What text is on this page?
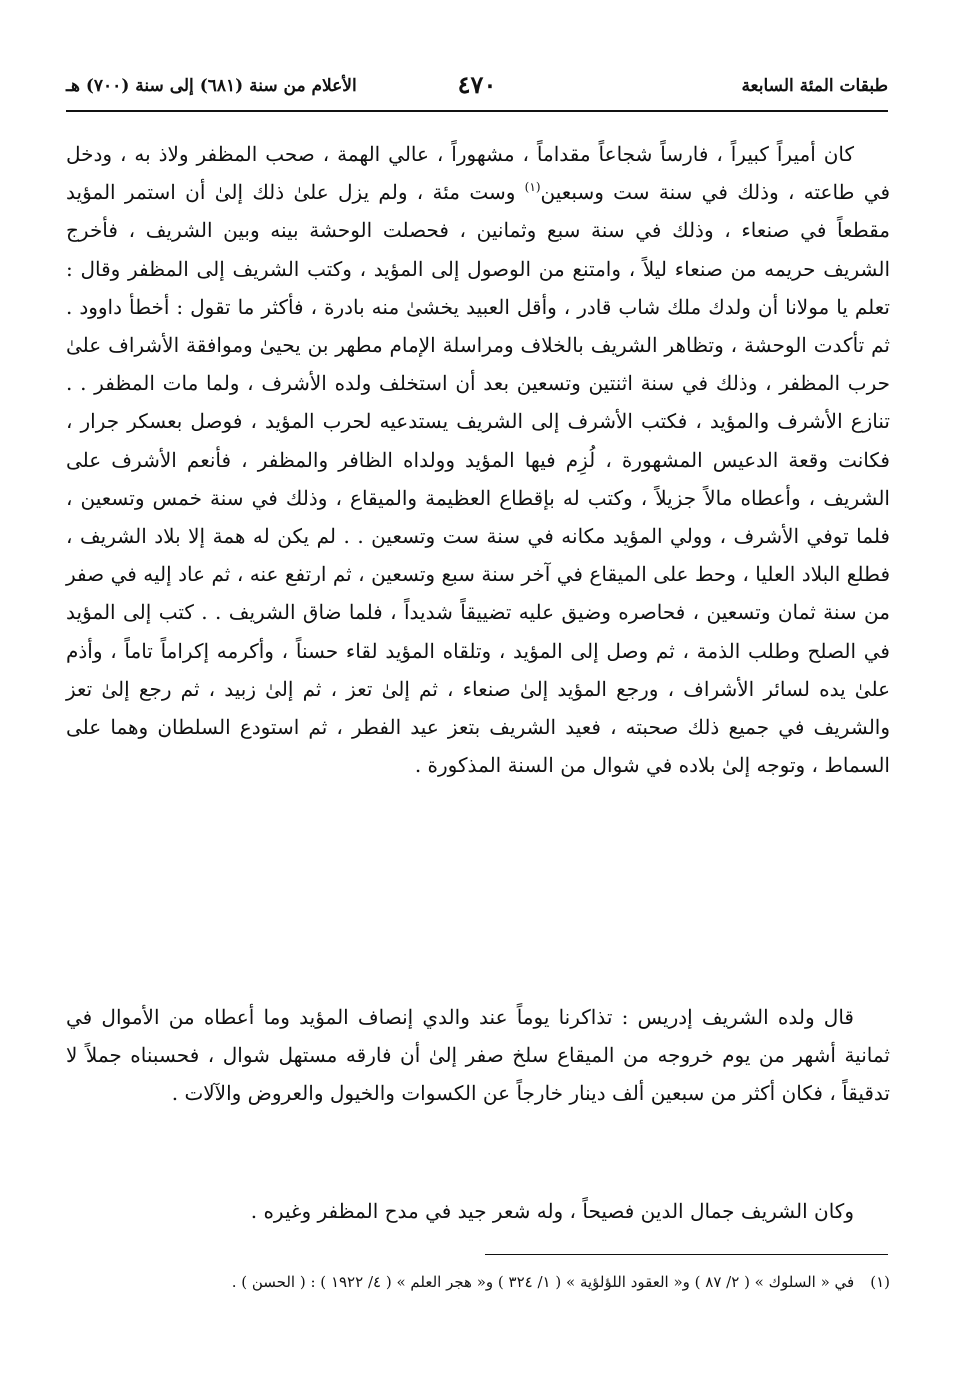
طبقات المئة السابعة
٤٧٠
الأعلام من سنة (٦٨١) إلى سنة (٧٠٠) هـ
كان أميراً كبيراً ، فارساً شجاعاً مقداماً ، مشهوراً ، عالي الهمة ، صحب المظفر ولاذ به ، ودخل في طاعته ، وذلك في سنة ست وسبعين$^{(١)}$ وست مئة ، ولم يزل علىٰ ذلك إلىٰ أن استمر المؤيد مقطعاً في صنعاء ، وذلك في سنة سبع وثمانين ، فحصلت الوحشة بينه وبين الشريف ، فأخرج الشريف حريمه من صنعاء ليلاً ، وامتنع من الوصول إلى المؤيد ، وكتب الشريف إلى المظفر وقال : تعلم يا مولانا أن ولدك ملك شاب قادر ، وأقل العبيد يخشىٰ منه بادرة ، فأكثر ما تقول : أخطأ داوود . ثم تأكدت الوحشة ، وتظاهر الشريف بالخلاف ومراسلة الإمام مطهر بن يحيىٰ وموافقة الأشراف علىٰ حرب المظفر ، وذلك في سنة اثنتين وتسعين بعد أن استخلف ولده الأشرف ، ولما مات المظفر . . تنازع الأشرف والمؤيد ، فكتب الأشرف إلى الشريف يستدعيه لحرب المؤيد ، فوصل بعسكر جرار ، فكانت وقعة الدعيس المشهورة ، لُزِم فيها المؤيد وولداه الظافر والمظفر ، فأنعم الأشرف على الشريف ، وأعطاه مالاً جزيلاً ، وكتب له بإقطاع العظيمة والميقاع ، وذلك في سنة خمس وتسعين ، فلما توفي الأشرف ، وولي المؤيد مكانه في سنة ست وتسعين . . لم يكن له همة إلا بلاد الشريف ، فطلع البلاد العليا ، وحط على الميقاع في آخر سنة سبع وتسعين ، ثم ارتفع عنه ، ثم عاد إليه في صفر من سنة ثمان وتسعين ، فحاصره وضيق عليه تضييقاً شديداً ، فلما ضاق الشريف . . كتب إلى المؤيد في الصلح وطلب الذمة ، ثم وصل إلى المؤيد ، وتلقاه المؤيد لقاء حسناً ، وأكرمه إكراماً تاماً ، وأذم علىٰ يده لسائر الأشراف ، ورجع المؤيد إلىٰ صنعاء ، ثم إلىٰ تعز ، ثم إلىٰ زبيد ، ثم رجع إلىٰ تعز والشريف في جميع ذلك صحبته ، فعيد الشريف بتعز عيد الفطر ، ثم استودع السلطان وهما على السماط ، وتوجه إلىٰ بلاده في شوال من السنة المذكورة .
قال ولده الشريف إدريس : تذاكرنا يوماً عند والدي إنصاف المؤيد وما أعطاه من الأموال في ثمانية أشهر من يوم خروجه من الميقاع سلخ صفر إلىٰ أن فارقه مستهل شوال ، فحسبناه جملاً لا تدقيقاً ، فكان أكثر من سبعين ألف دينار خارجاً عن الكسوات والخيول والعروض والآلات .
وكان الشريف جمال الدين فصيحاً ، وله شعر جيد في مدح المظفر وغيره .
(١)في « السلوك » ( ٢/ ٨٧ ) و« العقود اللؤلؤية » ( ١/ ٣٢٤ ) و« هجر العلم » ( ٤/ ١٩٢٢ ) : ( الحسن ) .
